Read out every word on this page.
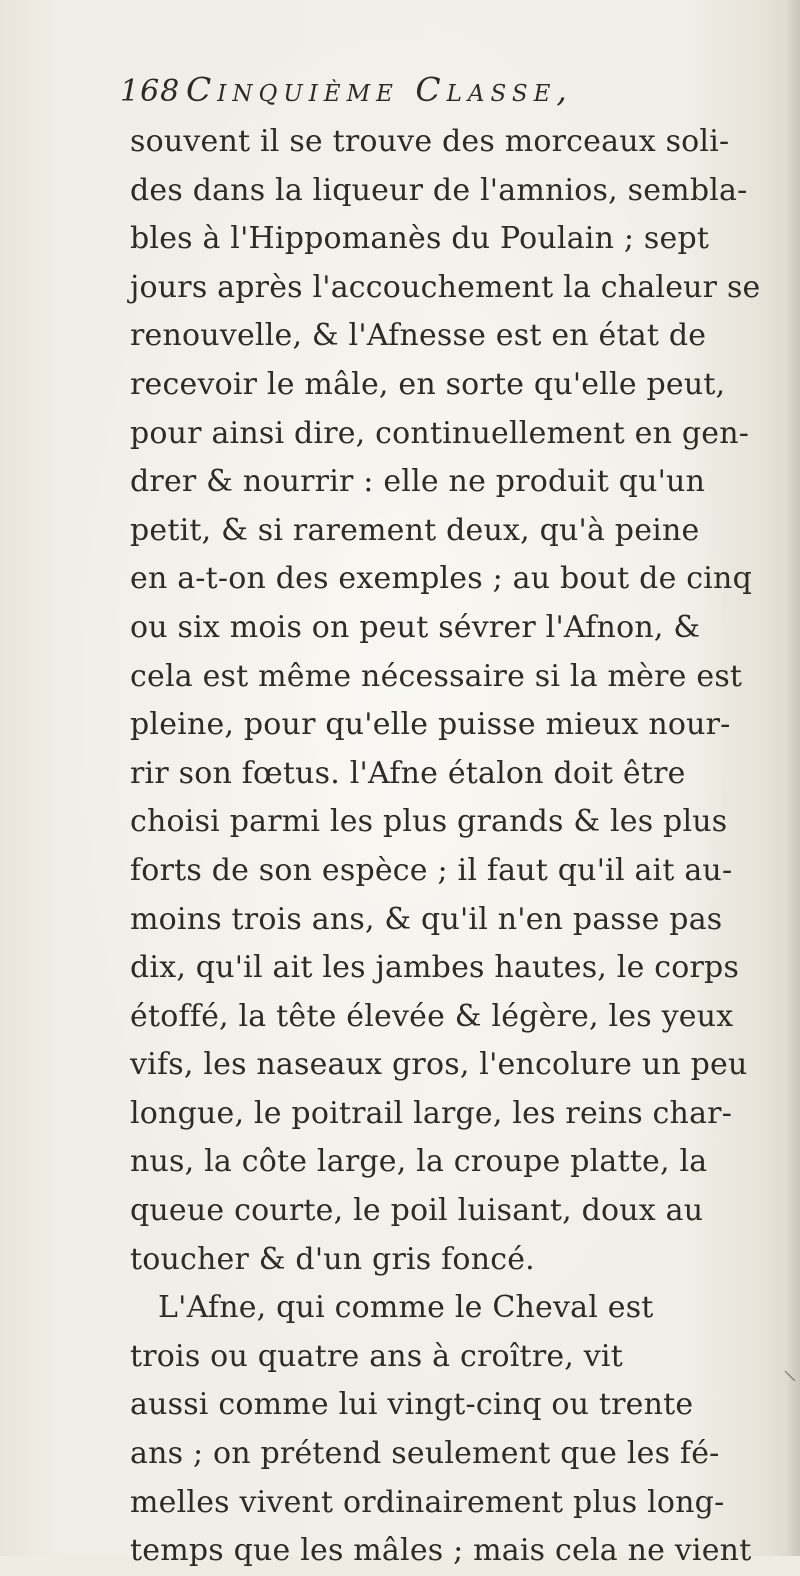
168 Cinquième Classe,
souvent il se trouve des morceaux soli-
des dans la liqueur de l'amnios, sembla-
bles à l'Hippomanès du Poulain ; sept
jours après l'accouchement la chaleur se
renouvelle, & l'Afnesse est en état de
recevoir le mâle, en sorte qu'elle peut,
pour ainsi dire, continuellement en gen-
drer & nourrir : elle ne produit qu'un
petit, & si rarement deux, qu'à peine
en a-t-on des exemples ; au bout de cinq
ou six mois on peut sévrer l'Afnon, &
cela est même nécessaire si la mère est
pleine, pour qu'elle puisse mieux nour-
rir son fœtus. l'Afne étalon doit être
choisi parmi les plus grands & les plus
forts de son espèce ; il faut qu'il ait au-
moins trois ans, & qu'il n'en passe pas
dix, qu'il ait les jambes hautes, le corps
étoffé, la tête élevée & légère, les yeux
vifs, les naseaux gros, l'encolure un peu
longue, le poitrail large, les reins char-
nus, la côte large, la croupe platte, la
queue courte, le poil luisant, doux au
toucher & d'un gris foncé.
L'Afne, qui comme le Cheval est
trois ou quatre ans à croître, vit
aussi comme lui vingt-cinq ou trente
ans ; on prétend seulement que les fé-
melles vivent ordinairement plus long-
temps que les mâles ; mais cela ne vient
